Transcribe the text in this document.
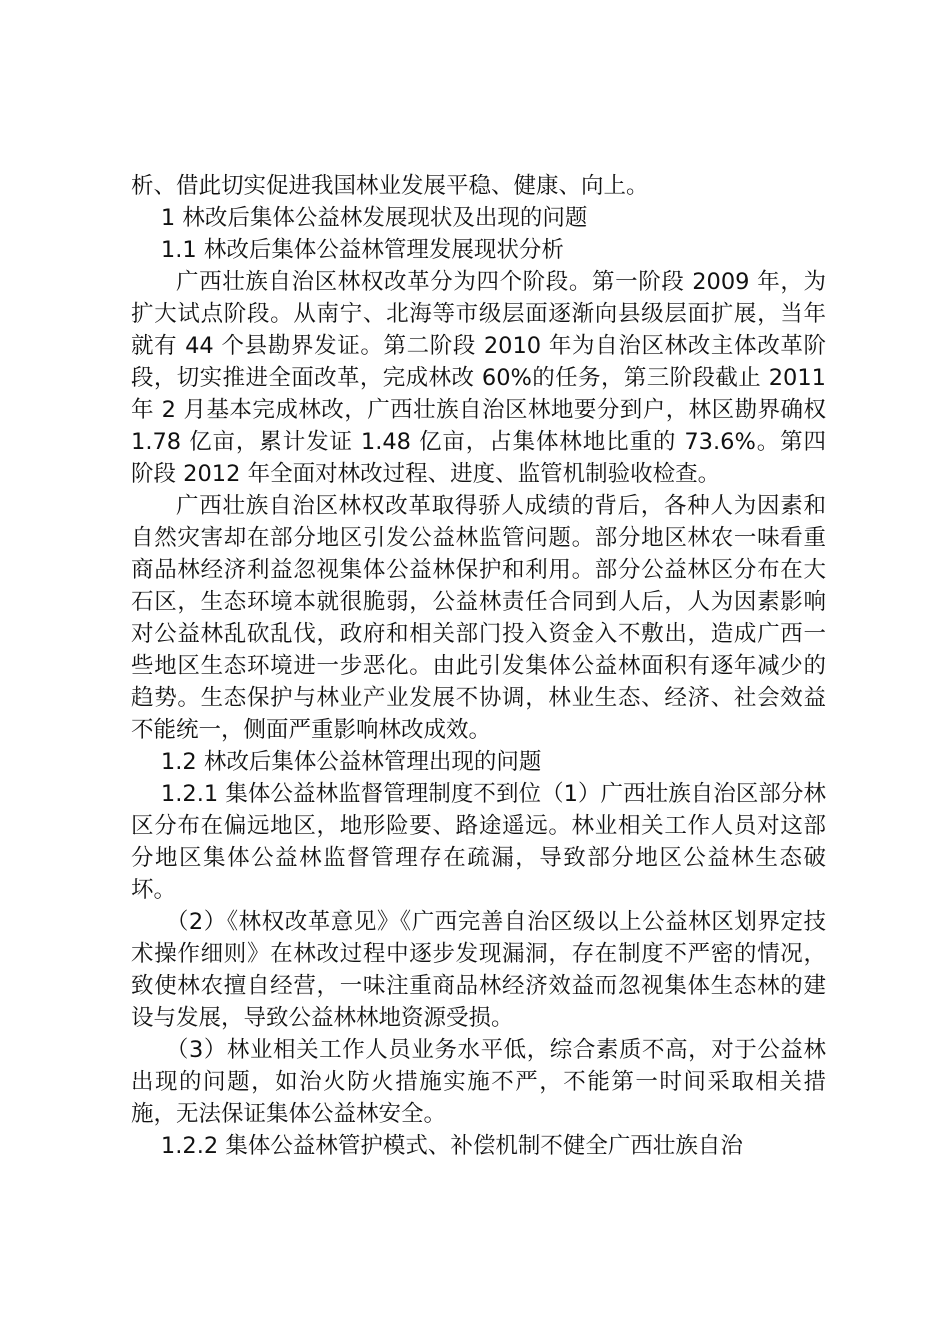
析、借此切实促进我国林业发展平稳、健康、向上。

1 林改后集体公益林发展现状及出现的问题

1.1 林改后集体公益林管理发展现状分析

广西壮族自治区林权改革分为四个阶段。第一阶段 2009 年，为扩大试点阶段。从南宁、北海等市级层面逐渐向县级层面扩展，当年就有 44 个县勘界发证。第二阶段 2010 年为自治区林改主体改革阶段，切实推进全面改革，完成林改 60%的任务，第三阶段截止 2011 年 2 月基本完成林改，广西壮族自治区林地要分到户，林区勘界确权 1.78 亿亩，累计发证 1.48 亿亩，占集体林地比重的 73.6%。第四阶段 2012 年全面对林改过程、进度、监管机制验收检查。

广西壮族自治区林权改革取得骄人成绩的背后，各种人为因素和自然灾害却在部分地区引发公益林监管问题。部分地区林农一味看重商品林经济利益忽视集体公益林保护和利用。部分公益林区分布在大石区，生态环境本就很脆弱，公益林责任合同到人后，人为因素影响对公益林乱砍乱伐，政府和相关部门投入资金入不敷出，造成广西一些地区生态环境进一步恶化。由此引发集体公益林面积有逐年减少的趋势。生态保护与林业产业发展不协调，林业生态、经济、社会效益不能统一，侧面严重影响林改成效。

1.2 林改后集体公益林管理出现的问题

1.2.1 集体公益林监督管理制度不到位（1）广西壮族自治区部分林区分布在偏远地区，地形险要、路途遥远。林业相关工作人员对这部分地区集体公益林监督管理存在疏漏，导致部分地区公益林生态破坏。

（2）《林权改革意见》《广西完善自治区级以上公益林区划界定技术操作细则》在林改过程中逐步发现漏洞，存在制度不严密的情况，致使林农擅自经营，一味注重商品林经济效益而忽视集体生态林的建设与发展，导致公益林林地资源受损。

（3）林业相关工作人员业务水平低，综合素质不高，对于公益林出现的问题，如治火防火措施实施不严，不能第一时间采取相关措施，无法保证集体公益林安全。

1.2.2 集体公益林管护模式、补偿机制不健全广西壮族自治
